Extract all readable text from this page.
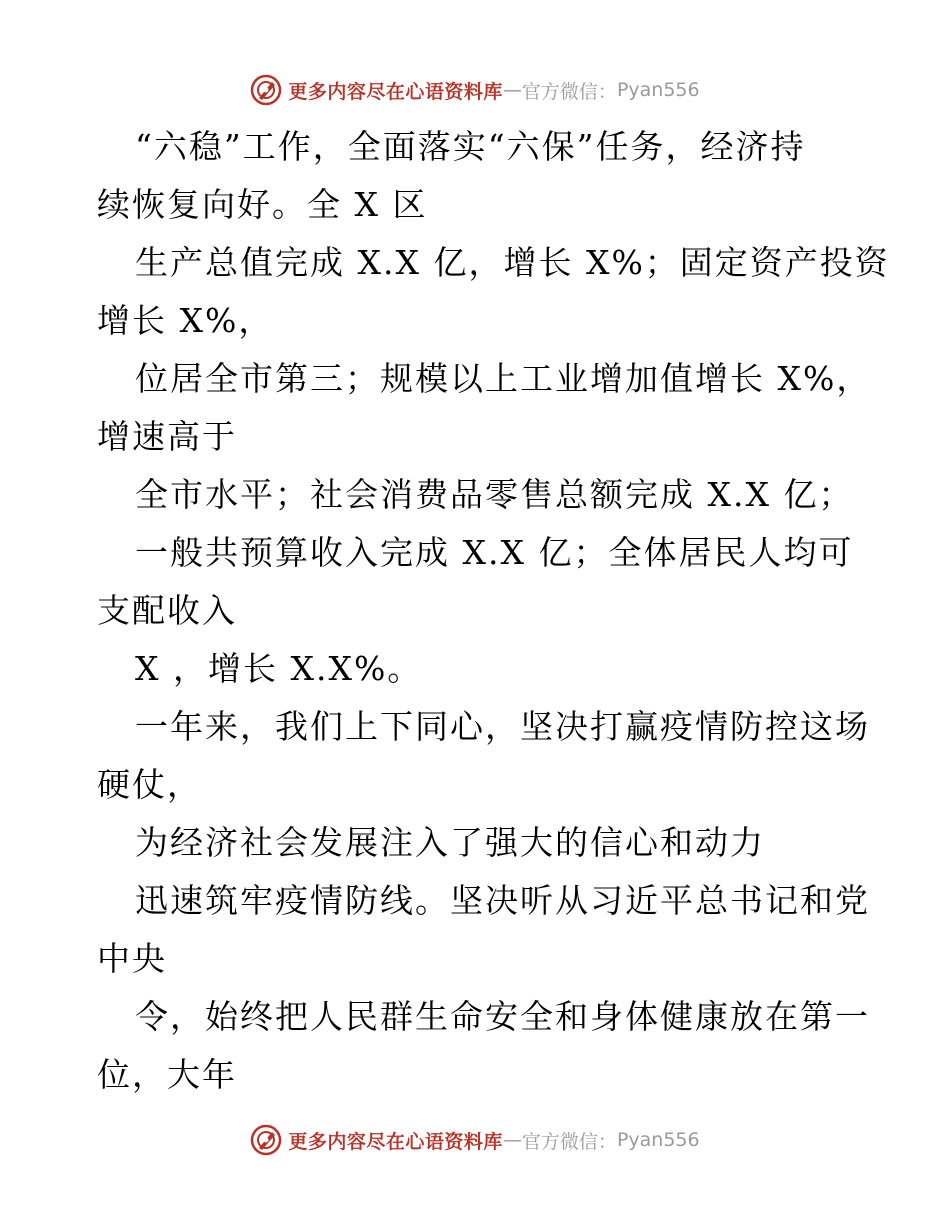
更多内容尽在心语资料库 — 官方微信： Pyan556
“六稳”工作，全面落实“六保”任务，经济持
续恢复向好。全 X 区
生产总值完成 X.X 亿，增长 X%；固定资产投资
增长 X%，
位居全市第三；规模以上工业增加值增长 X%，
增速高于
全市水平；社会消费品零售总额完成 X.X 亿；
一般共预算收入完成 X.X 亿；全体居民人均可
支配收入
X ，增长 X.X%。
一年来，我们上下同心，坚决打赢疫情防控这场
硬仗，
为经济社会发展注入了强大的信心和动力
迅速筑牢疫情防线。坚决听从习近平总书记和党
中央
令，始终把人民群生命安全和身体健康放在第一
位，大年
更多内容尽在心语资料库 — 官方微信： Pyan556
